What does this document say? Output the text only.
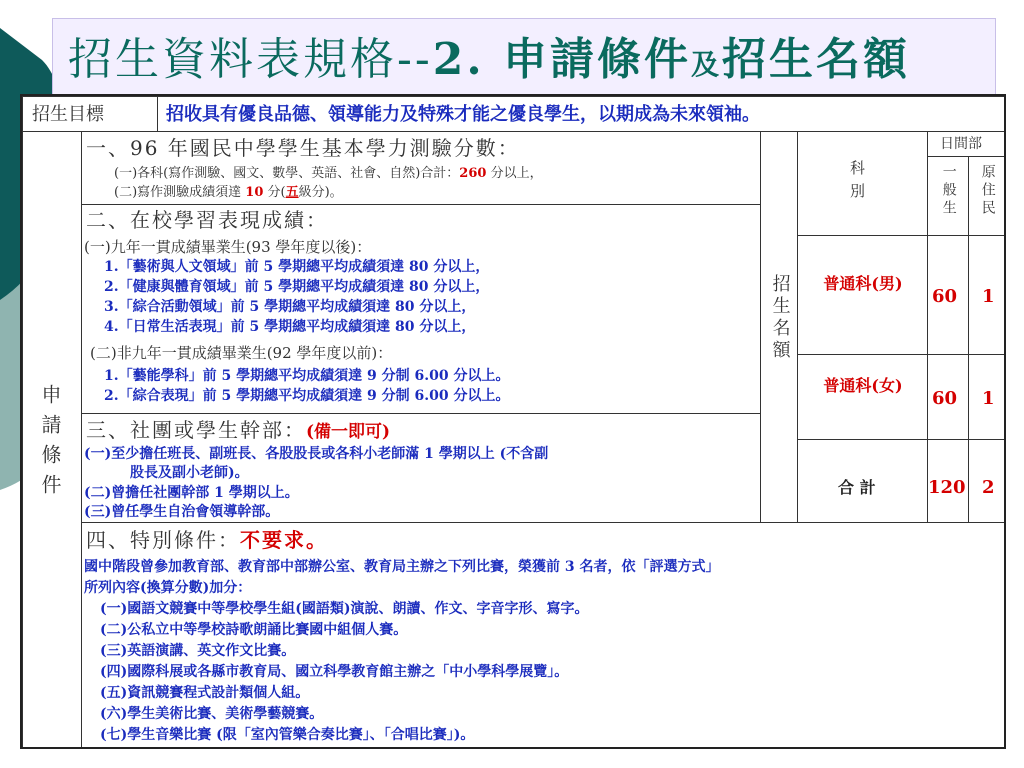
招生資料表規格--2. 申請條件及招生名額
招生目標	招收具有優良品德、領導能力及特殊才能之優良學生，以期成為未來領袖。
申請條件
招生名額
科別
日間部
一般生 原住民
普通科(男)
60 1
普通科(女)
60 1
合 計	120 2
一、96 年國民中學學生基本學力測驗分數：
(一)各科(寫作測驗、國文、數學、英語、社會、自然)合計：260 分以上，
(二)寫作測驗成績須達 10 分(五級分)。
二、在校學習表現成績：
(一)九年一貫成績畢業生(93 學年度以後)：
1.「藝術與人文領域」前 5 學期總平均成績須達 80 分以上，
2.「健康與體育領域」前 5 學期總平均成績須達 80 分以上，
3.「綜合活動領域」前 5 學期總平均成績須達 80 分以上，
4.「日常生活表現」前 5 學期總平均成績須達 80 分以上，
(二)非九年一貫成績畢業生(92 學年度以前)：
1.「藝能學科」前 5 學期總平均成績須達 9 分制 6.00 分以上。
2.「綜合表現」前 5 學期總平均成績須達 9 分制 6.00 分以上。
三、社團或學生幹部：(備一即可)
(一)至少擔任班長、副班長、各股股長或各科小老師滿 1 學期以上 (不含副
股長及副小老師)。
(二)曾擔任社團幹部 1 學期以上。
(三)曾任學生自治會領導幹部。
四、特別條件：不要求。
國中階段曾參加教育部、教育部中部辦公室、教育局主辦之下列比賽，榮獲前 3 名者，依「評選方式」
所列內容(換算分數)加分：
(一)國語文競賽中等學校學生組(國語類)演說、朗讀、作文、字音字形、寫字。
(二)公私立中等學校詩歌朗誦比賽國中組個人賽。
(三)英語演講、英文作文比賽。
(四)國際科展或各縣市教育局、國立科學教育館主辦之「中小學科學展覽」。
(五)資訊競賽程式設計類個人組。
(六)學生美術比賽、美術學藝競賽。
(七)學生音樂比賽 (限「室內管樂合奏比賽」、「合唱比賽」)。
